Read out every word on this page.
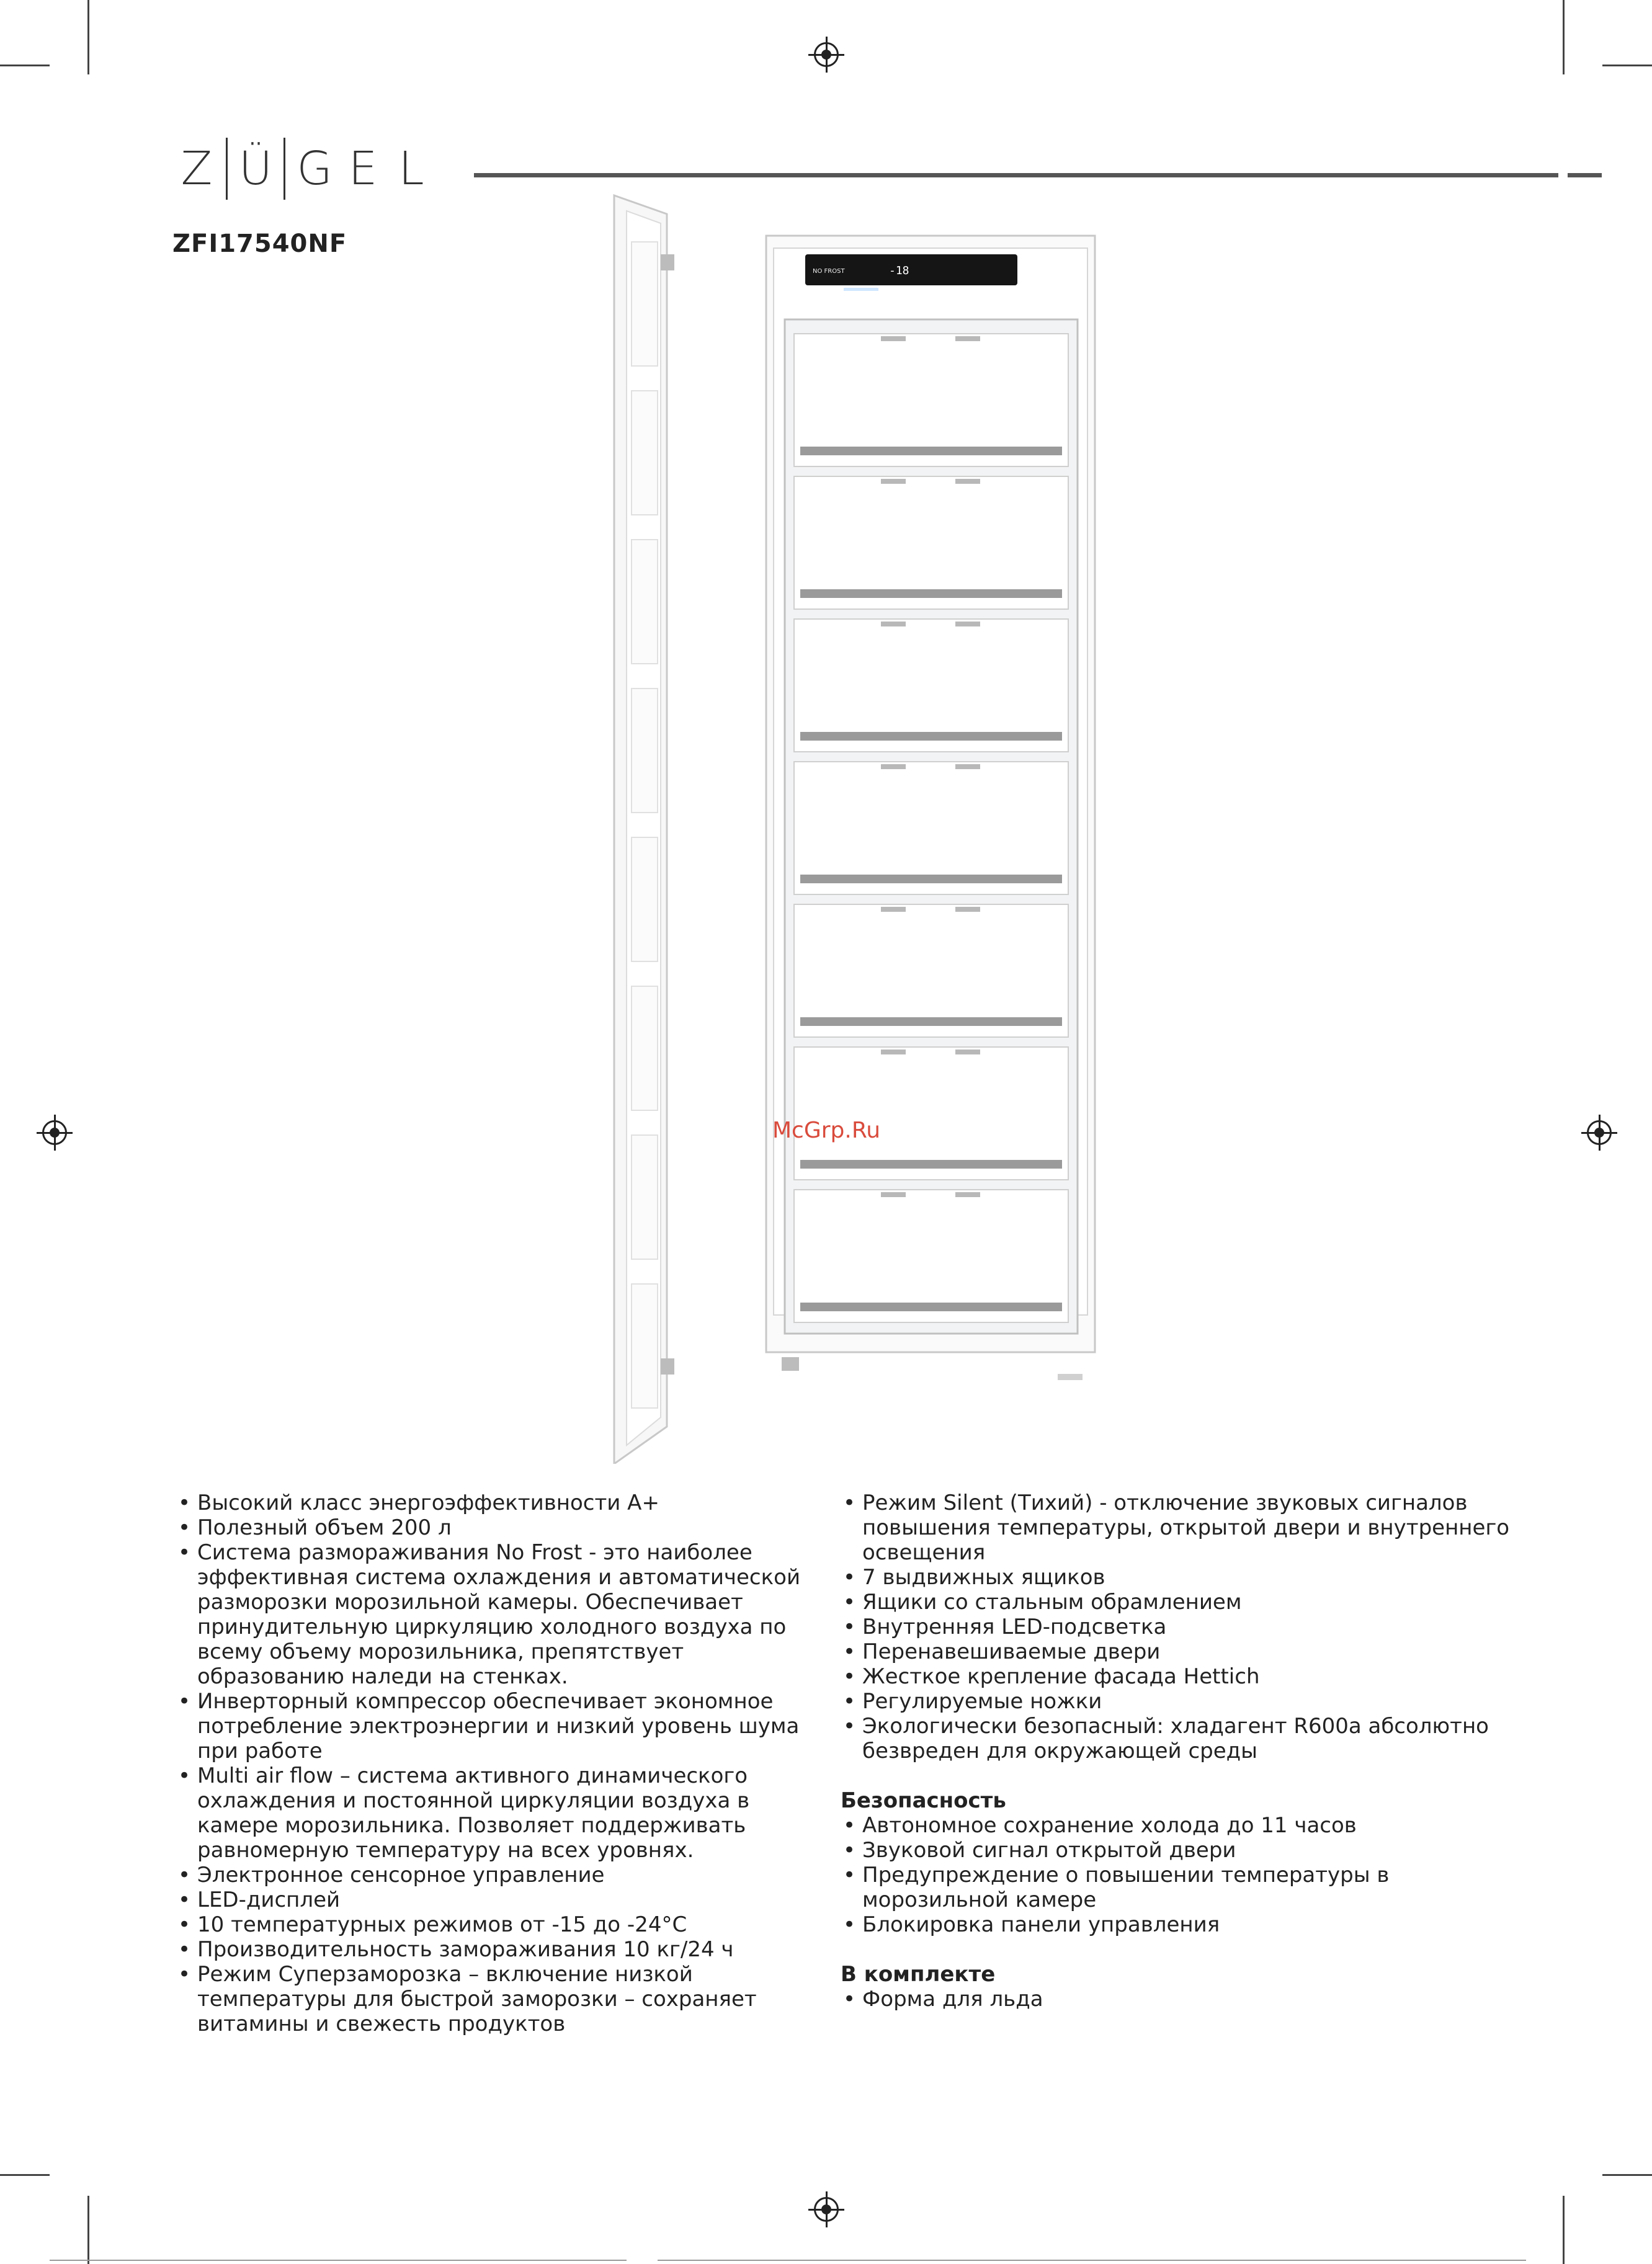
Z Ü G E L
ZFI17540NF
NO FROST	-18
McGrp.Ru
• Высокий класс энергоэффективности А+
• Полезный объем 200 л
• Система размораживания No Frost - это наиболее эффективная система охлаждения и автоматической разморозки морозильной камеры. Обеспечивает принудительную циркуляцию холодного воздуха по всему объему морозильника, препятствует образованию наледи на стенках.
• Инверторный компрессор обеспечивает экономное потребление электроэнергии и низкий уровень шума при работе
• Multi air flow – система активного динамического охлаждения и постоянной циркуляции воздуха в камере морозильника. Позволяет поддерживать равномерную температуру на всех уровнях.
• Электронное сенсорное управление
• LED-дисплей
• 10 температурных режимов от -15 до -24°C
• Производительность замораживания 10 кг/24 ч
• Режим Суперзаморозка – включение низкой температуры для быстрой заморозки – сохраняет витамины и свежесть продуктов
• Режим Silent (Тихий) - отключение звуковых сигналов повышения температуры, открытой двери и внутреннего освещения
• 7 выдвижных ящиков
• Ящики со стальным обрамлением
• Внутренняя LED-подсветка
• Перенавешиваемые двери
• Жесткое крепление фасада Hettich
• Регулируемые ножки
• Экологически безопасный: хладагент R600a абсолютно безвреден для окружающей среды
Безопасность
• Автономное сохранение холода до 11 часов
• Звуковой сигнал открытой двери
• Предупреждение о повышении температуры в морозильной камере
• Блокировка панели управления
В комплекте
• Форма для льда
